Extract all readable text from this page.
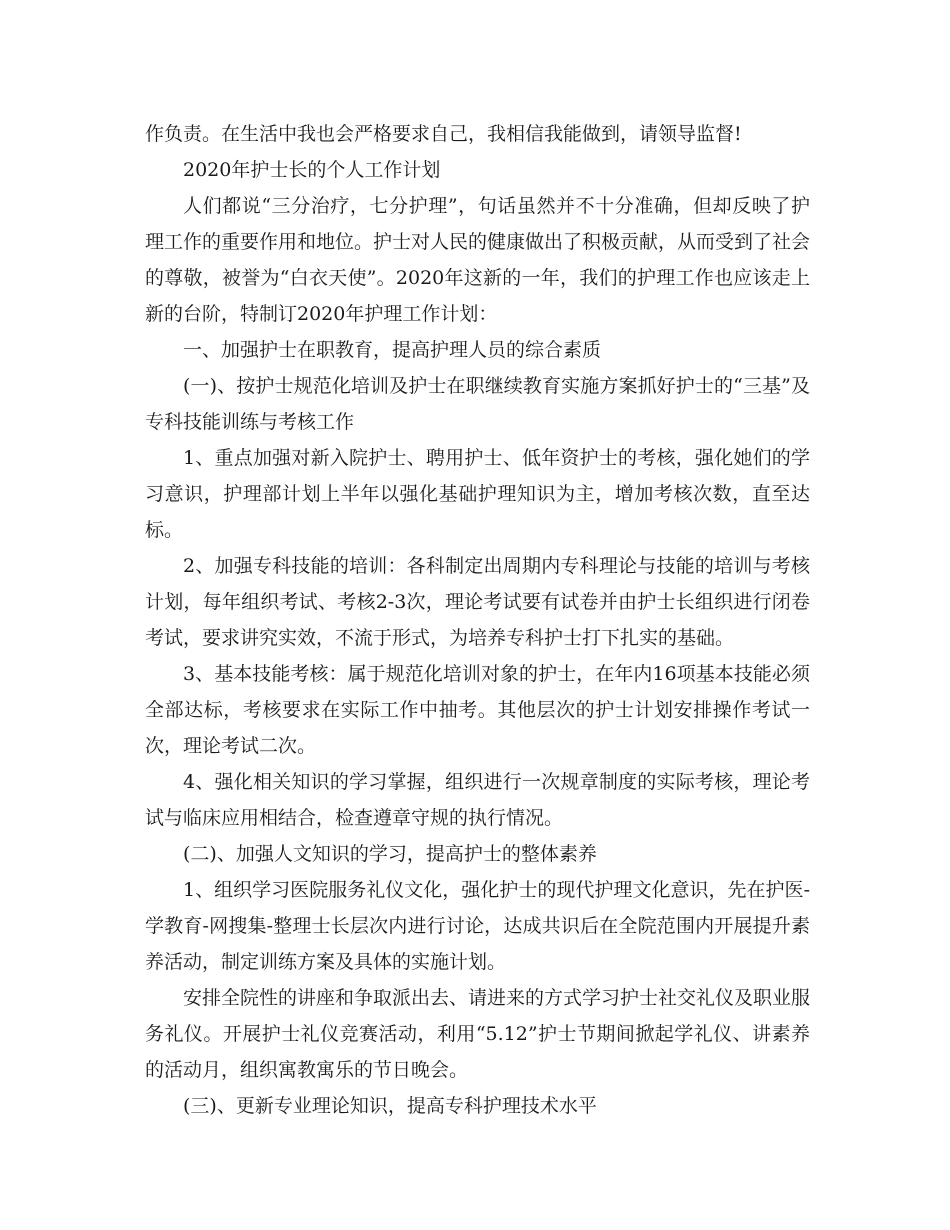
作负责。在生活中我也会严格要求自己，我相信我能做到，请领导监督!

2020年护士长的个人工作计划

人们都说“三分治疗，七分护理”，句话虽然并不十分准确，但却反映了护理工作的重要作用和地位。护士对人民的健康做出了积极贡献，从而受到了社会的尊敬，被誉为“白衣天使”。2020年这新的一年，我们的护理工作也应该走上新的台阶，特制订2020年护理工作计划：

一、加强护士在职教育，提高护理人员的综合素质

(一)、按护士规范化培训及护士在职继续教育实施方案抓好护士的“三基”及专科技能训练与考核工作

1、重点加强对新入院护士、聘用护士、低年资护士的考核，强化她们的学习意识，护理部计划上半年以强化基础护理知识为主，增加考核次数，直至达标。

2、加强专科技能的培训：各科制定出周期内专科理论与技能的培训与考核计划，每年组织考试、考核2-3次，理论考试要有试卷并由护士长组织进行闭卷考试，要求讲究实效，不流于形式，为培养专科护士打下扎实的基础。

3、基本技能考核：属于规范化培训对象的护士，在年内16项基本技能必须全部达标，考核要求在实际工作中抽考。其他层次的护士计划安排操作考试一次，理论考试二次。

4、强化相关知识的学习掌握，组织进行一次规章制度的实际考核，理论考试与临床应用相结合，检查遵章守规的执行情况。

(二)、加强人文知识的学习，提高护士的整体素养

1、组织学习医院服务礼仪文化，强化护士的现代护理文化意识，先在护医-学教育-网搜集-整理士长层次内进行讨论，达成共识后在全院范围内开展提升素养活动，制定训练方案及具体的实施计划。

安排全院性的讲座和争取派出去、请进来的方式学习护士社交礼仪及职业服务礼仪。开展护士礼仪竞赛活动，利用“5.12”护士节期间掀起学礼仪、讲素养的活动月，组织寓教寓乐的节日晚会。

(三)、更新专业理论知识，提高专科护理技术水平
